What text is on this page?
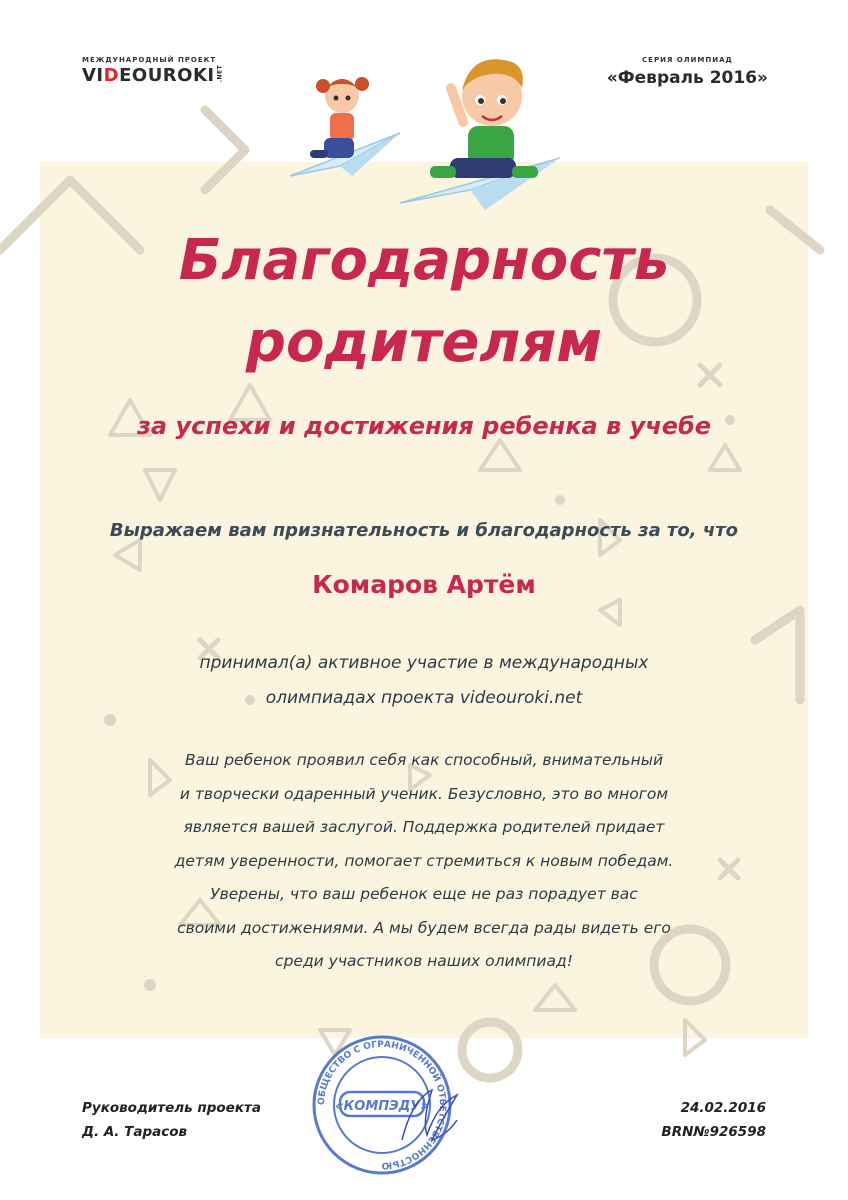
МЕЖДУНАРОДНЫЙ ПРОЕКТ
VIDEOUROKI .NET
СЕРИЯ ОЛИМПИАД
«Февраль 2016»
Благодарность
родителям
за успехи и достижения ребенка в учебе
Выражаем вам признательность и благодарность за то, что
Комаров Артём
принимал(а) активное участие в международных
олимпиадах проекта videouroki.net
Ваш ребенок проявил себя как способный, внимательный
и творчески одаренный ученик. Безусловно, это во многом
является вашей заслугой. Поддержка родителей придает
детям уверенности, помогает стремиться к новым победам.
Уверены, что ваш ребенок еще не раз порадует вас
своими достижениями. А мы будем всегда рады видеть его
среди участников наших олимпиад!
Руководитель проекта
Д. А. Тарасов
ОБЩЕСТВО С ОГРАНИЧЕННОЙ ОТВЕТСТВЕННОСТЬЮ
«КОМПЭДУ»	24.02.2016
BRN№926598
